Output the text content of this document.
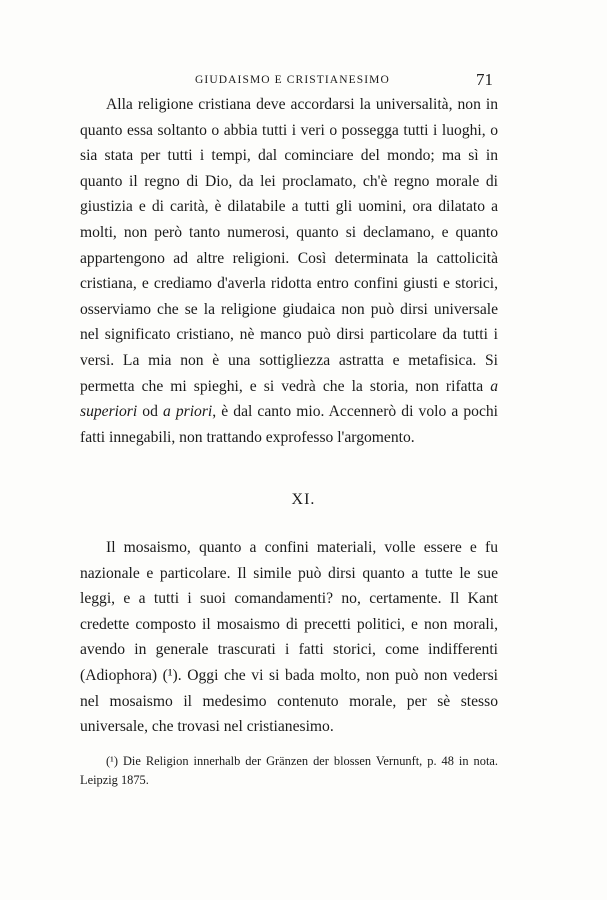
GIUDAISMO E CRISTIANESIMO	71

Alla religione cristiana deve accordarsi la universalità, non in quanto essa soltanto o abbia tutti i veri o possegga tutti i luoghi, o sia stata per tutti i tempi, dal cominciare del mondo; ma sì in quanto il regno di Dio, da lei proclamato, ch'è regno morale di giustizia e di carità, è dilatabile a tutti gli uomini, ora dilatato a molti, non però tanto numerosi, quanto si declamano, e quanto appartengono ad altre religioni. Così determinata la cattolicità cristiana, e crediamo d'averla ridotta entro confini giusti e storici, osserviamo che se la religione giudaica non può dirsi universale nel significato cristiano, nè manco può dirsi particolare da tutti i versi. La mia non è una sottigliezza astratta e metafisica. Si permetta che mi spieghi, e si vedrà che la storia, non rifatta a superiori od a priori, è dal canto mio. Accennerò di volo a pochi fatti innegabili, non trattando exprofesso l'argomento.

XI.

Il mosaismo, quanto a confini materiali, volle essere e fu nazionale e particolare. Il simile può dirsi quanto a tutte le sue leggi, e a tutti i suoi comandamenti? no, certamente. Il Kant credette composto il mosaismo di precetti politici, e non morali, avendo in generale trascurati i fatti storici, come indifferenti (Adiophora) (¹). Oggi che vi si bada molto, non può non vedersi nel mosaismo il medesimo contenuto morale, per sè stesso universale, che trovasi nel cristianesimo.

(¹) Die Religion innerhalb der Gränzen der blossen Vernunft, p. 48 in nota. Leipzig 1875.
